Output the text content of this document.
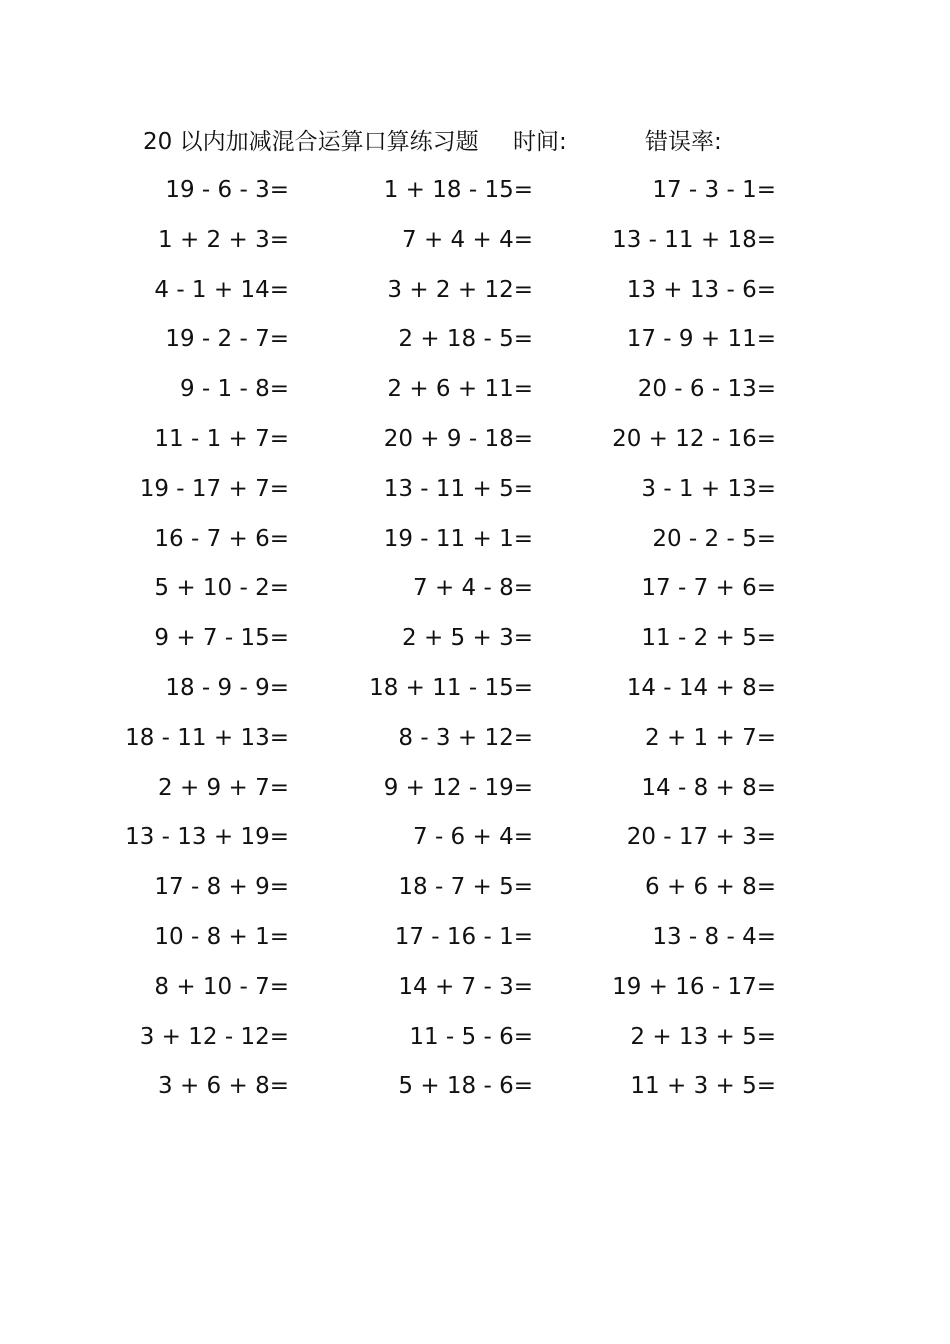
20 以内加减混合运算口算练习题 时间:	错误率:
19 - 6 - 3=	1 + 18 - 15=	17 - 3 - 1=
1 + 2 + 3=	7 + 4 + 4=	13 - 11 + 18=
4 - 1 + 14=	3 + 2 + 12=	13 + 13 - 6=
19 - 2 - 7=	2 + 18 - 5=	17 - 9 + 11=
9 - 1 - 8=	2 + 6 + 11=	20 - 6 - 13=
11 - 1 + 7=	20 + 9 - 18=	20 + 12 - 16=
19 - 17 + 7=	13 - 11 + 5=	3 - 1 + 13=
16 - 7 + 6=	19 - 11 + 1=	20 - 2 - 5=
5 + 10 - 2=	7 + 4 - 8=	17 - 7 + 6=
9 + 7 - 15=	2 + 5 + 3=	11 - 2 + 5=
18 - 9 - 9=	18 + 11 - 15=	14 - 14 + 8=
18 - 11 + 13=	8 - 3 + 12=	2 + 1 + 7=
2 + 9 + 7=	9 + 12 - 19=	14 - 8 + 8=
13 - 13 + 19=	7 - 6 + 4=	20 - 17 + 3=
17 - 8 + 9=	18 - 7 + 5=	6 + 6 + 8=
10 - 8 + 1=	17 - 16 - 1=	13 - 8 - 4=
8 + 10 - 7=	14 + 7 - 3=	19 + 16 - 17=
3 + 12 - 12=	11 - 5 - 6=	2 + 13 + 5=
3 + 6 + 8=	5 + 18 - 6=	11 + 3 + 5=
